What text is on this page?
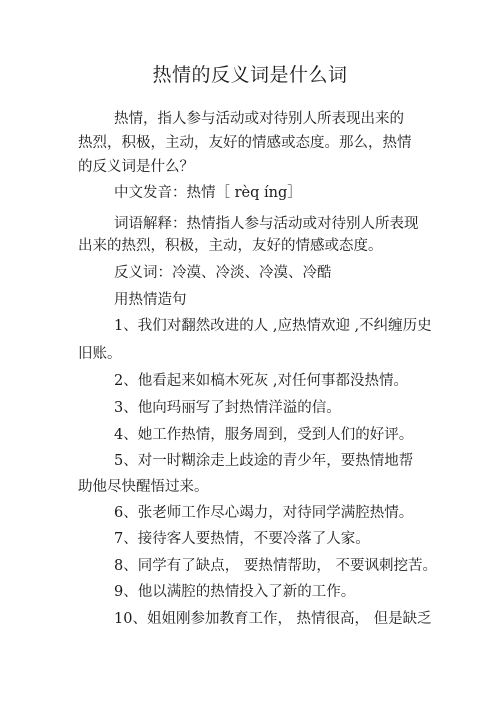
热情的反义词是什么词
热情，指人参与活动或对待别人所表现出来的
热烈，积极，主动，友好的情感或态度。那么，热情
的反义词是什么？
中文发音：热情［ rèq íng］
词语解释：热情指人参与活动或对待别人所表现
出来的热烈，积极，主动，友好的情感或态度。
反义词：冷漠、冷淡、冷漠、冷酷
用热情造句
1、我们对翻然改进的人 ,应热情欢迎 ,不纠缠历史
旧账。
2、他看起来如槁木死灰 ,对任何事都没热情。
3、他向玛丽写了封热情洋溢的信。
4、她工作热情，服务周到，受到人们的好评。
5、对一时糊涂走上歧途的青少年，要热情地帮
助他尽快醒悟过来。
6、张老师工作尽心竭力，对待同学满腔热情。
7、接待客人要热情，不要冷落了人家。
8、同学有了缺点， 要热情帮助， 不要讽刺挖苦。
9、他以满腔的热情投入了新的工作。
10、姐姐刚参加教育工作， 热情很高， 但是缺乏
